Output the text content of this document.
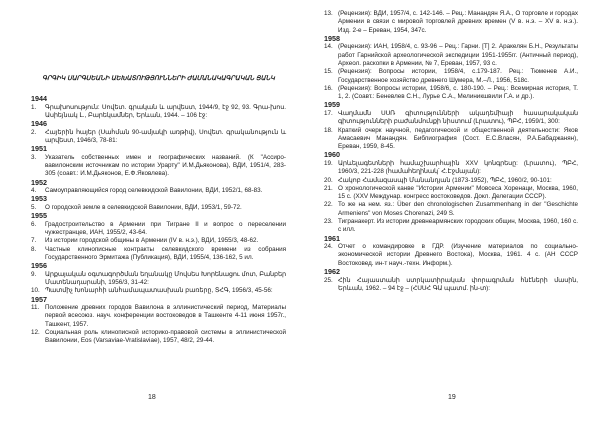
ԳՐԳԻԿ ՍԱՐԳՍԵԱՆԻ ԱԵԽԱՏՈՒԹՅՈՒՆՆԵՐԻ ԺԱՄԱՆԱԿԱԳՐԱԿԱՆ ՑԱՆԿ
1944
1. Գրախոսություն: Սովետ. գրական և արվեստ, 1944/9, էջ 92, 93. Գրա-խոս. Ասիեյնակ Լ., Բարեկամներ, Երևան, 1944. – 106 էջ:
1946
2. Հայերին հայեր (Սահման 90-ամյակի առթիվ), Սովետ. գրականություն և արվեստ, 1946/3, 78-81:
1951
3. Указатель собственных имен и географических названий. (К "Ассиро-вавилонским источникам по истории Урарту" И.М.Дьяконова), ВДИ, 1951/4, 283-305 (соавт.: И.М.Дьяконов, Е.Ф.Яковлева).
1952
4. Самоуправляющийся город селевкидской Вавилонии, ВДИ, 1952/1, 68-83.
1953
5. О городской земле в селевкидской Вавилонии, ВДИ, 1953/1, 59-72.
1955
6. Градостроительство в Армении при Тигране II и вопрос о переселении чужестранцев, ИАН, 1955/2, 43-64.
7. Из истории городской общины в Армении (IV в. н.э.), ВДИ, 1955/3, 48-62.
8. Частные клинописные контракты селевкидского времени из собрания Государственного Эрмитажа (Публикация), ВДИ, 1955/4, 136-162, 5 ил.
1956
9. Արքայական օգտագործման եղանակը Մովսես Խորենացու մոտ, Բանբեր Մատենադարանի, 1956/3, 31-42:
10. Պատմիչ Խոնարհի անհամապատասխան բառերը, ՏՀԳ, 1956/3, 45-56:
1957
11. Положение древних городов Вавилона в эллинистический период, Материалы первой всесоюз. науч. конференции востоковедов в Ташкенте 4-11 июня 1957г., Ташкент, 1957.
12. Социальная роль клинописной историко-правовой системы в эллинистической Вавилонии, Eos (Varsaviae-Vratislaviae), 1957, 48/2, 29-44.
18
13. (Рецензия): ВДИ, 1957/4, с. 142-146. – Рец.: Манандян Я.А., О торговле и городах Армении в связи с мировой торговлей древних времен (V в. н.э. – XV в. н.э.). Изд. 2-е – Ереван, 1954, 347с.
1958
14. (Рецензия): ИАН, 1958/4, с. 93-96 – Рец.: Гарни. [Т] 2. Аракелян Б.Н., Результаты работ Гарнийской археологической экспедиции 1951-1955гг. (Античный период), Археол. раскопки в Армении, № 7, Ереван, 1957, 93 с.
15. (Рецензия): Вопросы истории, 1958/4, с.179-187. Рец.: Тюменев А.И., Государственное хозяйство древнего Шумера, М.–Л., 1956, 518с.
16. (Рецензия): Вопросы истории, 1958/6, с. 180-190. – Рец.: Всемирная история, Т. 1, 2. (Соавт.: Беневлев С.Н., Лурье С.А., Мелиникшвили Г.А. и др.).
1959
17. Վաղմամն ՍՍՌ գիտությունների ակադեմիայի հասարակական գիտությունների բաժանմունքի նիստում (Լրատու), ՊԲՀ, 1959/1, 300:
18. Краткий очерк научной, педагогической и общественной деятельности: Яков Амасаевич Манандян. Библиография (Сост. Е.С.Власян, Р.А.Бабаджанян), Ереван, 1959, 8-45.
1960
19. Արևելագետների համաշխարհային XXV կոնգրեսը: (Լրատու), ՊԲՀ, 1960/3, 221-228 (համահեղինակ՝ Հ.Էջմայան):
20. Հակոբ Համազասպի Մանանդյան (1873-1952), ՊԲՀ, 1960/2, 90-101:
21. О хронологической канве "Истории Армении" Мовсеса Хоренаци, Москва, 1960, 15 с. (XXV Междунар. конгресс востоковедов. Докл. Делегации СССР).
22. То же на нем. яз.: Über den chronologischen Zusammenhang in der "Geschichte Armeniens" von Moses Chorenazi, 249 S.
23. Тигранакерт. Из истории древнеармянских городских общин, Москва, 1960, 160 с. с илл.
1961
24. Отчет о командировке в ГДР. (Изучение материалов по социально-экономической истории Древнего Востока), Москва, 1961. 4 с. (АН СССР Востоковед. ин-т науч.-техн. Информ.).
1962
25. Հին Հայաստանի ստրկատիրական փորագրման հնէների մասին, Երևան, 1962. – 94 էջ – (ՀՍՍՀ ԳԱ պատմ. ին-տ):
19
